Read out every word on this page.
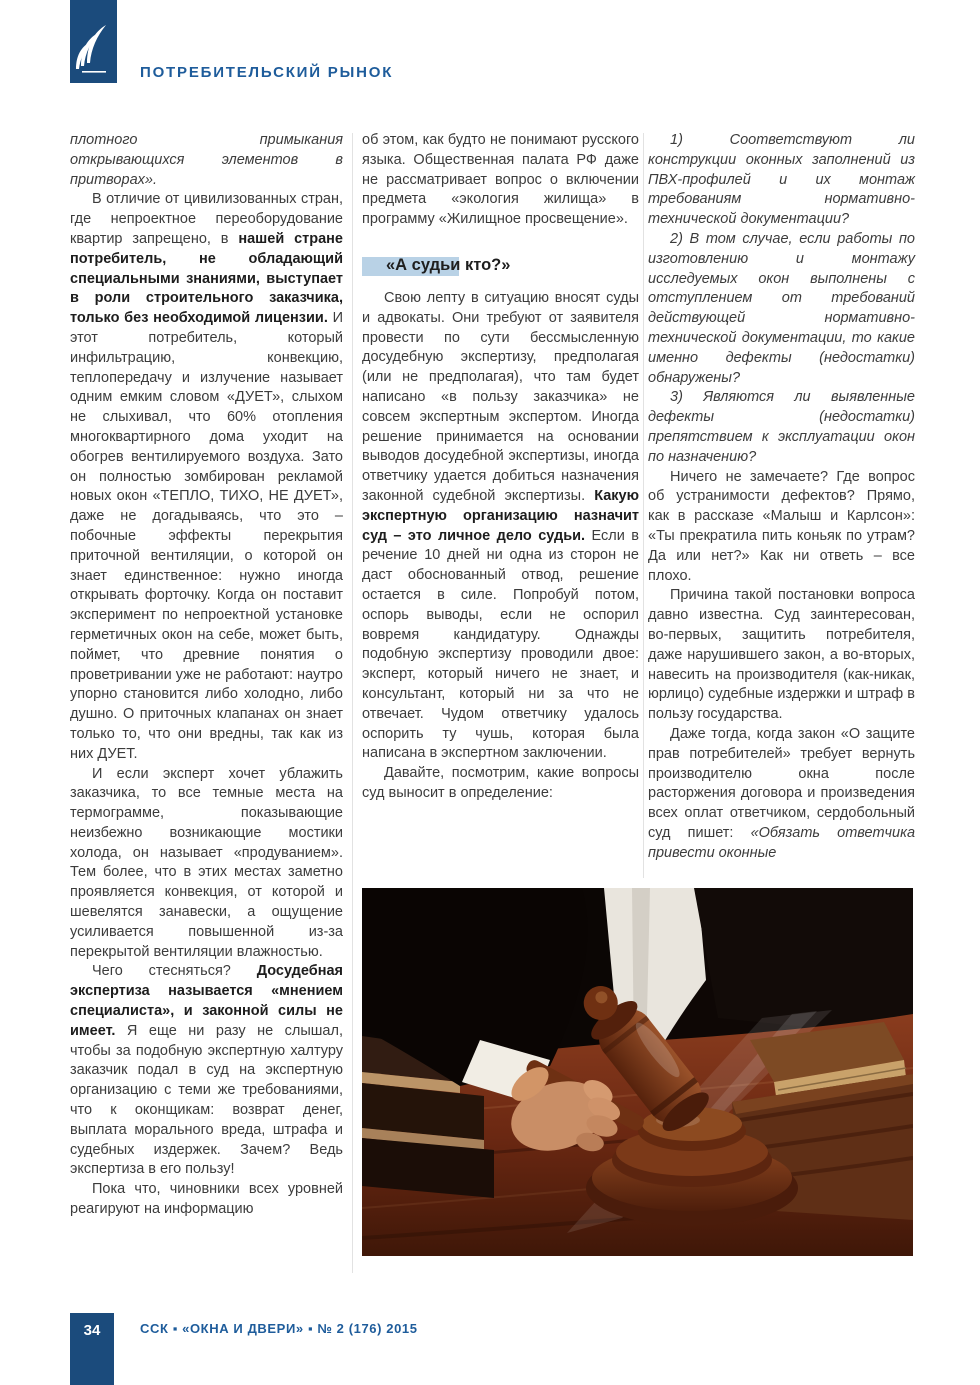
ПОТРЕБИТЕЛЬСКИЙ РЫНОК

плотного примыкания открывающихся элементов в притворах».

В отличие от цивилизованных стран, где непроектное переоборудование квартир запрещено, в нашей стране потребитель, не обладающий специальными знаниями, выступает в роли строительного заказчика, только без необходимой лицензии. И этот потребитель, который инфильтрацию, конвекцию, теплопередачу и излучение называет одним емким словом «ДУЕТ», слыхом не слыхивал, что 60% отопления многоквартирного дома уходит на обогрев вентилируемого воздуха. Зато он полностью зомбирован рекламой новых окон «ТЕПЛО, ТИХО, НЕ ДУЕТ», даже не догадываясь, что это – побочные эффекты перекрытия приточной вентиляции, о которой он знает единственное: нужно иногда открывать форточку. Когда он поставит эксперимент по непроектной установке герметичных окон на себе, может быть, поймет, что древние понятия о проветривании уже не работают: наутро упорно становится либо холодно, либо душно. О приточных клапанах он знает только то, что они вредны, так как из них ДУЕТ.

И если эксперт хочет ублажить заказчика, то все темные места на термограмме, показывающие неизбежно возникающие мостики холода, он называет «продуванием». Тем более, что в этих местах заметно проявляется конвекция, от которой и шевелятся занавески, а ощущение усиливается повышенной из-за перекрытой вентиляции влажностью.

Чего стесняться? Досудебная экспертиза называется «мнением специалиста», и законной силы не имеет. Я еще ни разу не слышал, чтобы за подобную экспертную халтуру заказчик подал в суд на экспертную организацию с теми же требованиями, что к оконщикам: возврат денег, выплата морального вреда, штрафа и судебных издержек. Зачем? Ведь экспертиза в его пользу!

Пока что, чиновники всех уровней реагируют на информацию

об этом, как будто не понимают русского языка. Общественная палата РФ даже не рассматривает вопрос о включении предмета «экология жилища» в программу «Жилищное просвещение».

«А судьи кто?»

Свою лепту в ситуацию вносят суды и адвокаты. Они требуют от заявителя провести по сути бессмысленную досудебную экспертизу, предполагая (или не предполагая), что там будет написано «в пользу заказчика» не совсем экспертным экспертом. Иногда решение принимается на основании выводов досудебной экспертизы, иногда ответчику удается добиться назначения законной судебной экспертизы. Какую экспертную организацию назначит суд – это личное дело судьи. Если в речение 10 дней ни одна из сторон не даст обоснованный отвод, решение остается в силе. Попробуй потом, оспорь выводы, если не оспорил вовремя кандидатуру. Однажды подобную экспертизу проводили двое: эксперт, который ничего не знает, и консультант, который ни за что не отвечает. Чудом ответчику удалось оспорить ту чушь, которая была написана в экспертном заключении.

Давайте, посмотрим, какие вопросы суд выносит в определение:

1) Соответствуют ли конструкции оконных заполнений из ПВХ-профилей и их монтаж требованиям нормативно-технической документации?

2) В том случае, если работы по изготовлению и монтажу исследуемых окон выполнены с отступлением от требований действующей нормативно-технической документации, то какие именно дефекты (недостатки) обнаружены?

3) Являются ли выявленные дефекты (недостатки) препятствием к эксплуатации окон по назначению?

Ничего не замечаете? Где вопрос об устранимости дефектов? Прямо, как в рассказе «Малыш и Карлсон»: «Ты прекратила пить коньяк по утрам? Да или нет?» Как ни ответь – все плохо.

Причина такой постановки вопроса давно известна. Суд заинтересован, во-первых, защитить потребителя, даже нарушившего закон, а во-вторых, навесить на производителя (как-никак, юрлицо) судебные издержки и штраф в пользу государства.

Даже тогда, когда закон «О защите прав потребителей» требует вернуть производителю окна после расторжения договора и произведения всех оплат ответчиком, сердобольный суд пишет: «Обязать ответчика привести оконные

34	ССК ▪ «ОКНА И ДВЕРИ» ▪ № 2 (176) 2015
